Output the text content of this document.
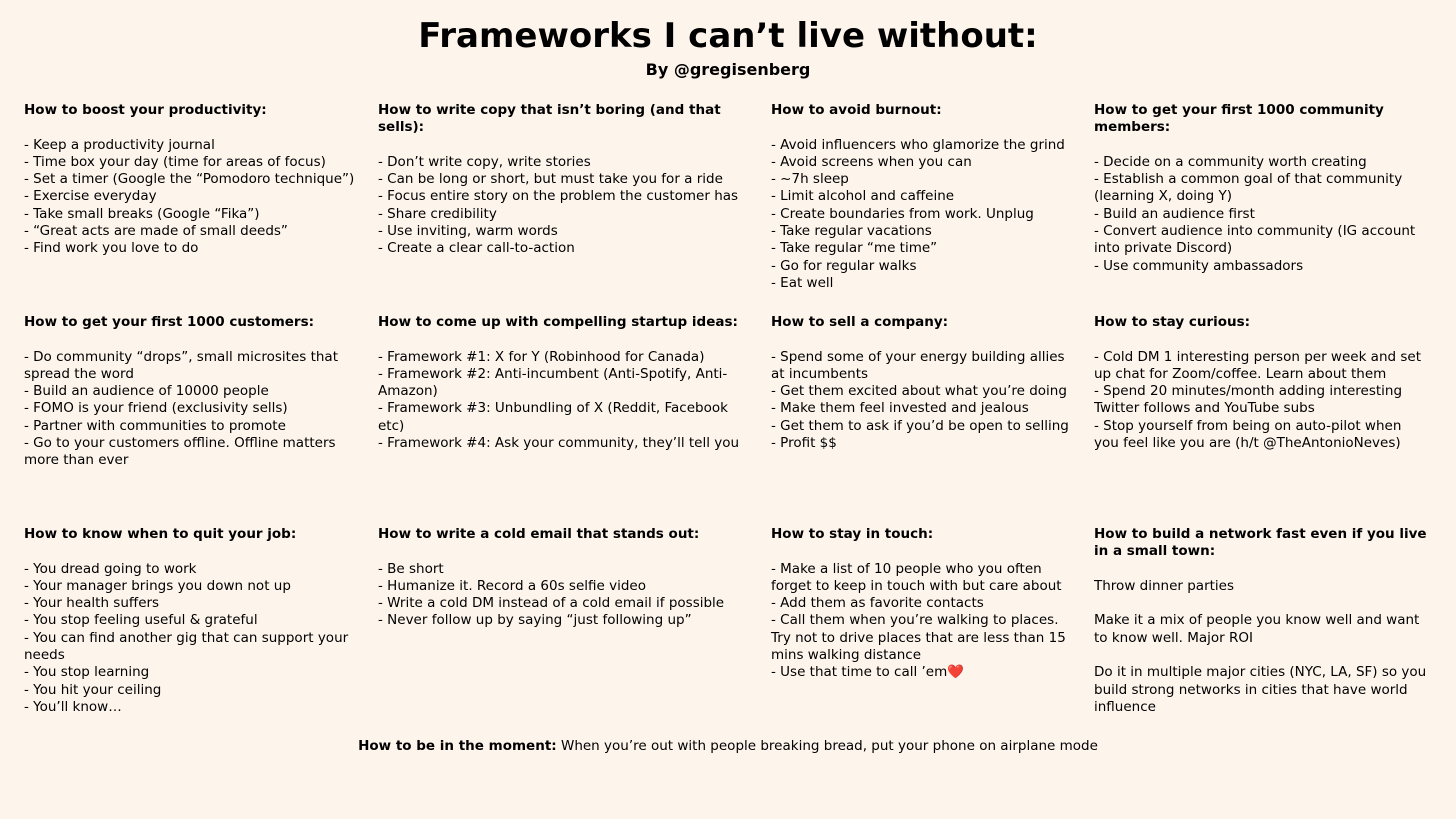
Frameworks I can’t live without:
By @gregisenberg

How to boost your productivity:

- Keep a productivity journal

- Time box your day (time for areas of focus)

- Set a timer (Google the “Pomodoro technique”)

- Exercise everyday

- Take small breaks (Google “Fika”)

- “Great acts are made of small deeds”

- Find work you love to do

How to write copy that isn’t boring (and that sells):

- Don’t write copy, write stories

- Can be long or short, but must take you for a ride

- Focus entire story on the problem the customer has

- Share credibility

- Use inviting, warm words

- Create a clear call-to-action

How to avoid burnout:

- Avoid influencers who glamorize the grind

- Avoid screens when you can

- ~7h sleep

- Limit alcohol and caffeine

- Create boundaries from work. Unplug

- Take regular vacations

- Take regular “me time”

- Go for regular walks

- Eat well

How to get your first 1000 community members:

- Decide on a community worth creating

- Establish a common goal of that community (learning X, doing Y)

- Build an audience first

- Convert audience into community (IG account into private Discord)

- Use community ambassadors

How to get your first 1000 customers:

- Do community “drops”, small microsites that spread the word

- Build an audience of 10000 people

- FOMO is your friend (exclusivity sells)

- Partner with communities to promote

- Go to your customers offline. Offline matters more than ever

How to come up with compelling startup ideas:

- Framework #1: X for Y (Robinhood for Canada)

- Framework #2: Anti-incumbent (Anti-Spotify, Anti-Amazon)

- Framework #3: Unbundling of X (Reddit, Facebook etc)

- Framework #4: Ask your community, they’ll tell you

How to sell a company:

- Spend some of your energy building allies at incumbents

- Get them excited about what you’re doing

- Make them feel invested and jealous

- Get them to ask if you’d be open to selling

- Profit $$

How to stay curious:

- Cold DM 1 interesting person per week and set up chat for Zoom/coffee. Learn about them

- Spend 20 minutes/month adding interesting Twitter follows and YouTube subs

- Stop yourself from being on auto-pilot when you feel like you are (h/t @TheAntonioNeves)

How to know when to quit your job:

- You dread going to work

- Your manager brings you down not up

- Your health suffers

- You stop feeling useful & grateful

- You can find another gig that can support your needs

- You stop learning

- You hit your ceiling

- You’ll know…

How to write a cold email that stands out:

- Be short

- Humanize it. Record a 60s selfie video

- Write a cold DM instead of a cold email if possible

- Never follow up by saying “just following up”

How to stay in touch:

- Make a list of 10 people who you often forget to keep in touch with but care about

- Add them as favorite contacts

- Call them when you’re walking to places. Try not to drive places that are less than 15 mins walking distance

- Use that time to call ’em❤️

How to build a network fast even if you live in a small town:

Throw dinner parties

Make it a mix of people you know well and want to know well. Major ROI

Do it in multiple major cities (NYC, LA, SF) so you build strong networks in cities that have world influence

How to be in the moment: When you’re out with people breaking bread, put your phone on airplane mode
